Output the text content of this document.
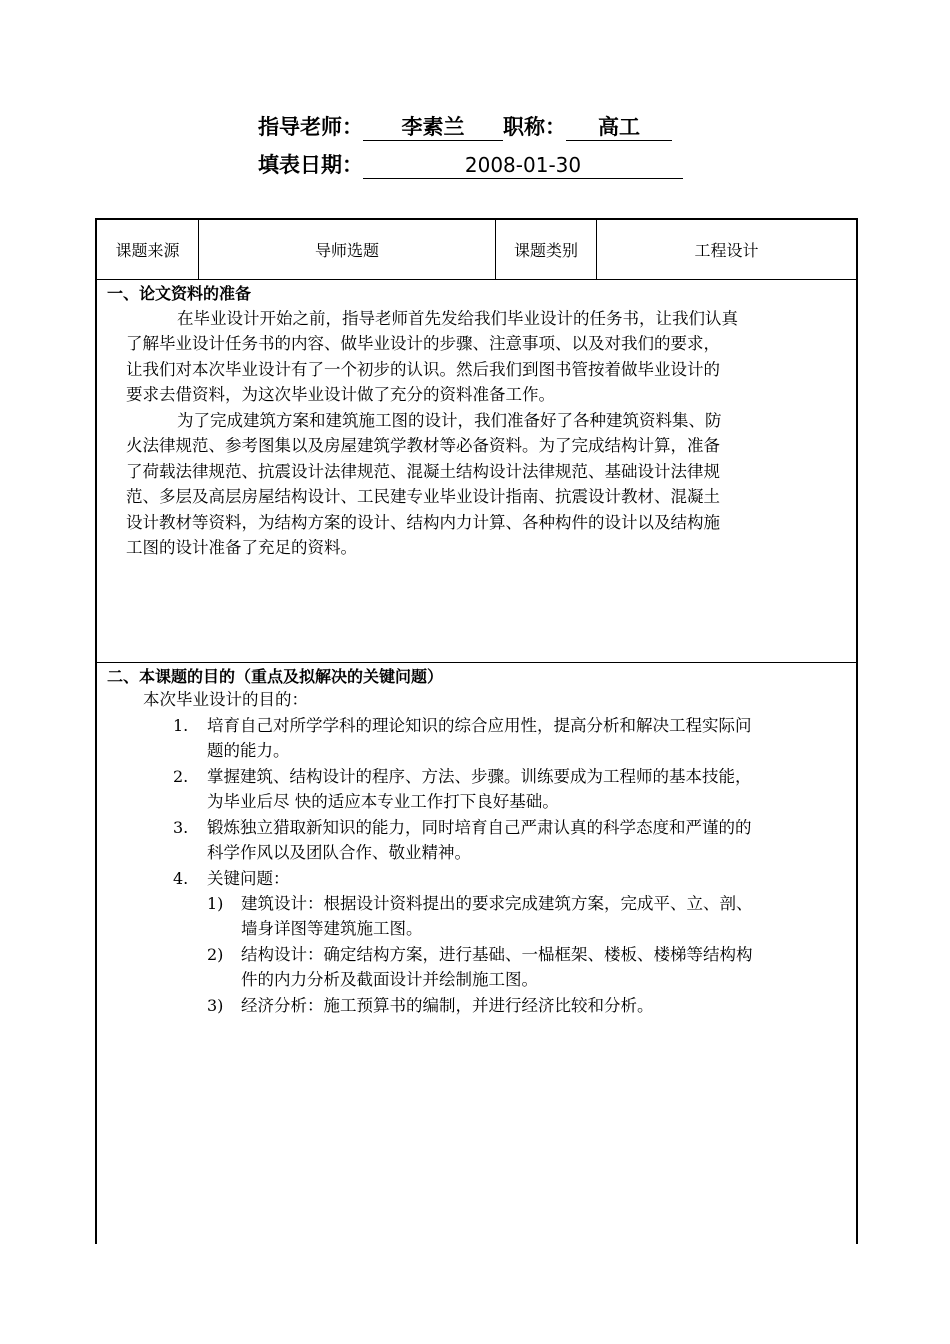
指导老师：	李素兰	职称：	高工
填表日期：	2008-01-30
课题来源	导师选题	课题类别	工程设计
一、论文资料的准备
在毕业设计开始之前，指导老师首先发给我们毕业设计的任务书，让我们认真
了解毕业设计任务书的内容、做毕业设计的步骤、注意事项、以及对我们的要求，
让我们对本次毕业设计有了一个初步的认识。然后我们到图书管按着做毕业设计的
要求去借资料，为这次毕业设计做了充分的资料准备工作。
为了完成建筑方案和建筑施工图的设计，我们准备好了各种建筑资料集、防
火法律规范、参考图集以及房屋建筑学教材等必备资料。为了完成结构计算，准备
了荷载法律规范、抗震设计法律规范、混凝土结构设计法律规范、基础设计法律规
范、多层及高层房屋结构设计、工民建专业毕业设计指南、抗震设计教材、混凝土
设计教材等资料，为结构方案的设计、结构内力计算、各种构件的设计以及结构施
工图的设计准备了充足的资料。
二、本课题的目的（重点及拟解决的关键问题）
本次毕业设计的目的：
1. 培育自己对所学学科的理论知识的综合应用性，提高分析和解决工程实际问
题的能力。
2. 掌握建筑、结构设计的程序、方法、步骤。训练要成为工程师的基本技能，
为毕业后尽 快的适应本专业工作打下良好基础。
3. 锻炼独立猎取新知识的能力，同时培育自己严肃认真的科学态度和严谨的的
科学作风以及团队合作、敬业精神。
4. 关键问题：
1) 建筑设计：根据设计资料提出的要求完成建筑方案，完成平、立、剖、
墙身详图等建筑施工图。
2) 结构设计：确定结构方案，进行基础、一榀框架、楼板、楼梯等结构构
件的内力分析及截面设计并绘制施工图。
3) 经济分析：施工预算书的编制，并进行经济比较和分析。
